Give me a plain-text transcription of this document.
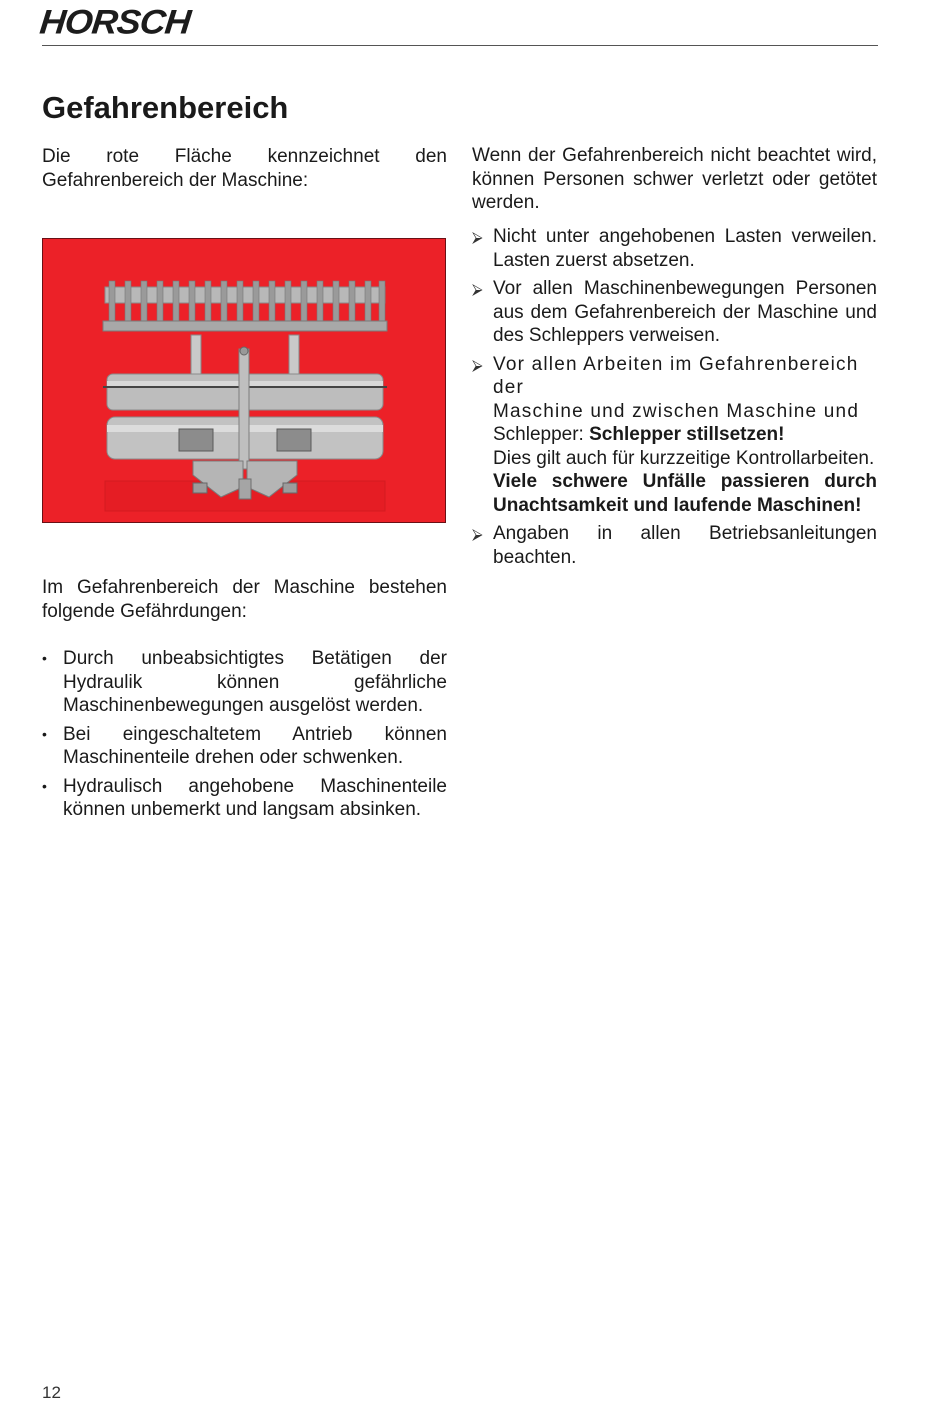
HORSCH
Gefahrenbereich

Die rote Fläche kennzeichnet den Gefahrenbereich der Maschine:

Im Gefahrenbereich der Maschine bestehen folgende Gefährdungen:

• Durch unbeabsichtigtes Betätigen der Hydraulik können gefährliche Maschinenbewegungen ausgelöst werden.
• Bei eingeschaltetem Antrieb können Maschinenteile drehen oder schwenken.
• Hydraulisch angehobene Maschinenteile können unbemerkt und langsam absinken.

Wenn der Gefahrenbereich nicht beachtet wird, können Personen schwer verletzt oder getötet werden.

⮚ Nicht unter angehobenen Lasten verweilen. Lasten zuerst absetzen.
⮚ Vor allen Maschinenbewegungen Personen aus dem Gefahrenbereich der Maschine und des Schleppers verweisen.
⮚ Vor allen Arbeiten im Gefahrenbereich der
Maschine und zwischen Maschine und
Schlepper: Schlepper stillsetzen!
Dies gilt auch für kurzzeitige Kontrollarbeiten.
Viele schwere Unfälle passieren durch Unachtsamkeit und laufende Maschinen!
⮚ Angaben in allen Betriebsanleitungen beachten.
12
